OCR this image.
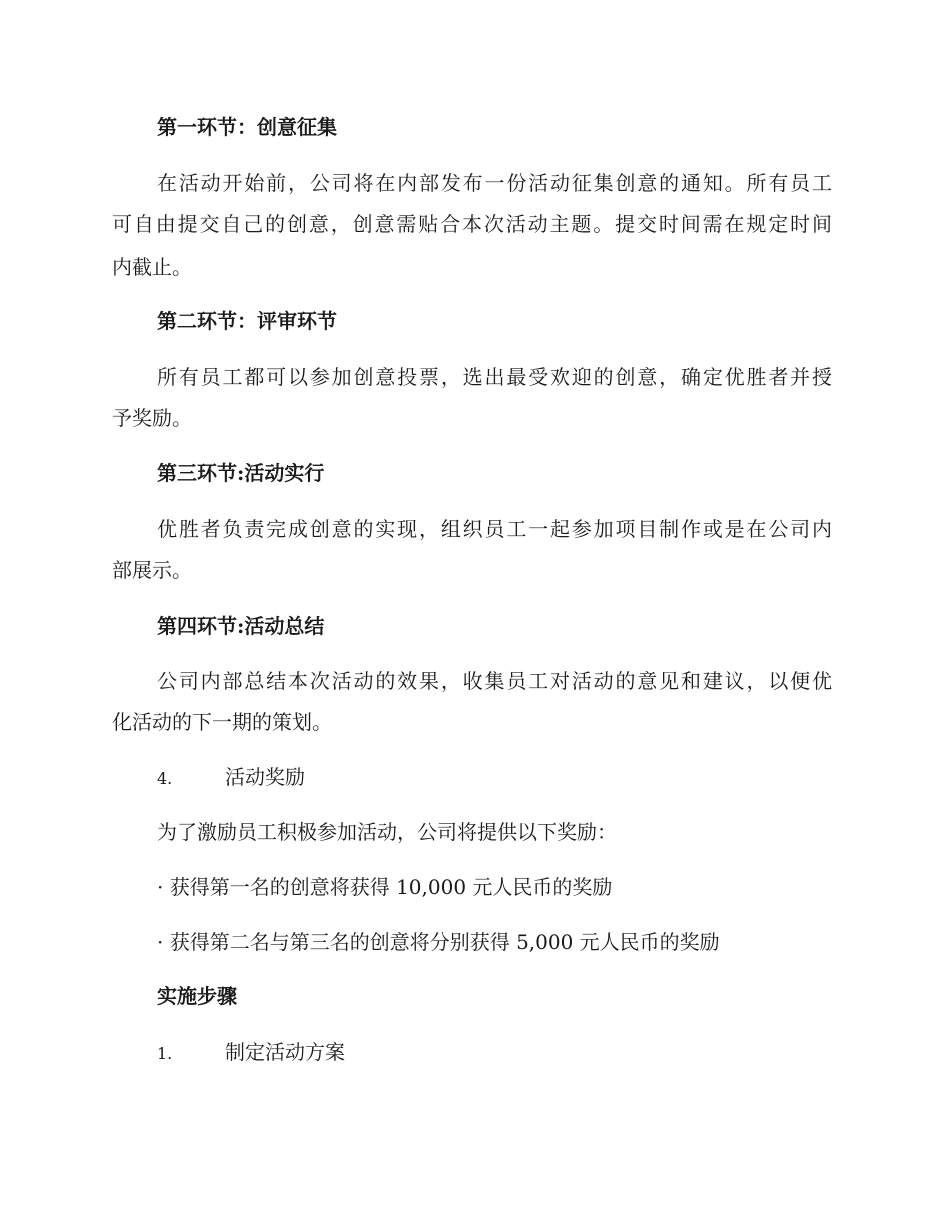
第一环节：创意征集
在活动开始前，公司将在内部发布一份活动征集创意的通知。所有员工
可自由提交自己的创意，创意需贴合本次活动主题。提交时间需在规定时间
内截止。
第二环节：评审环节
所有员工都可以参加创意投票，选出最受欢迎的创意，确定优胜者并授
予奖励。
第三环节:活动实行
优胜者负责完成创意的实现，组织员工一起参加项目制作或是在公司内
部展示。
第四环节:活动总结
公司内部总结本次活动的效果，收集员工对活动的意见和建议，以便优
化活动的下一期的策划。
4.	活动奖励
为了激励员工积极参加活动，公司将提供以下奖励：
· 获得第一名的创意将获得 10,000 元人民币的奖励
· 获得第二名与第三名的创意将分别获得 5,000 元人民币的奖励
实施步骤
1.	制定活动方案
